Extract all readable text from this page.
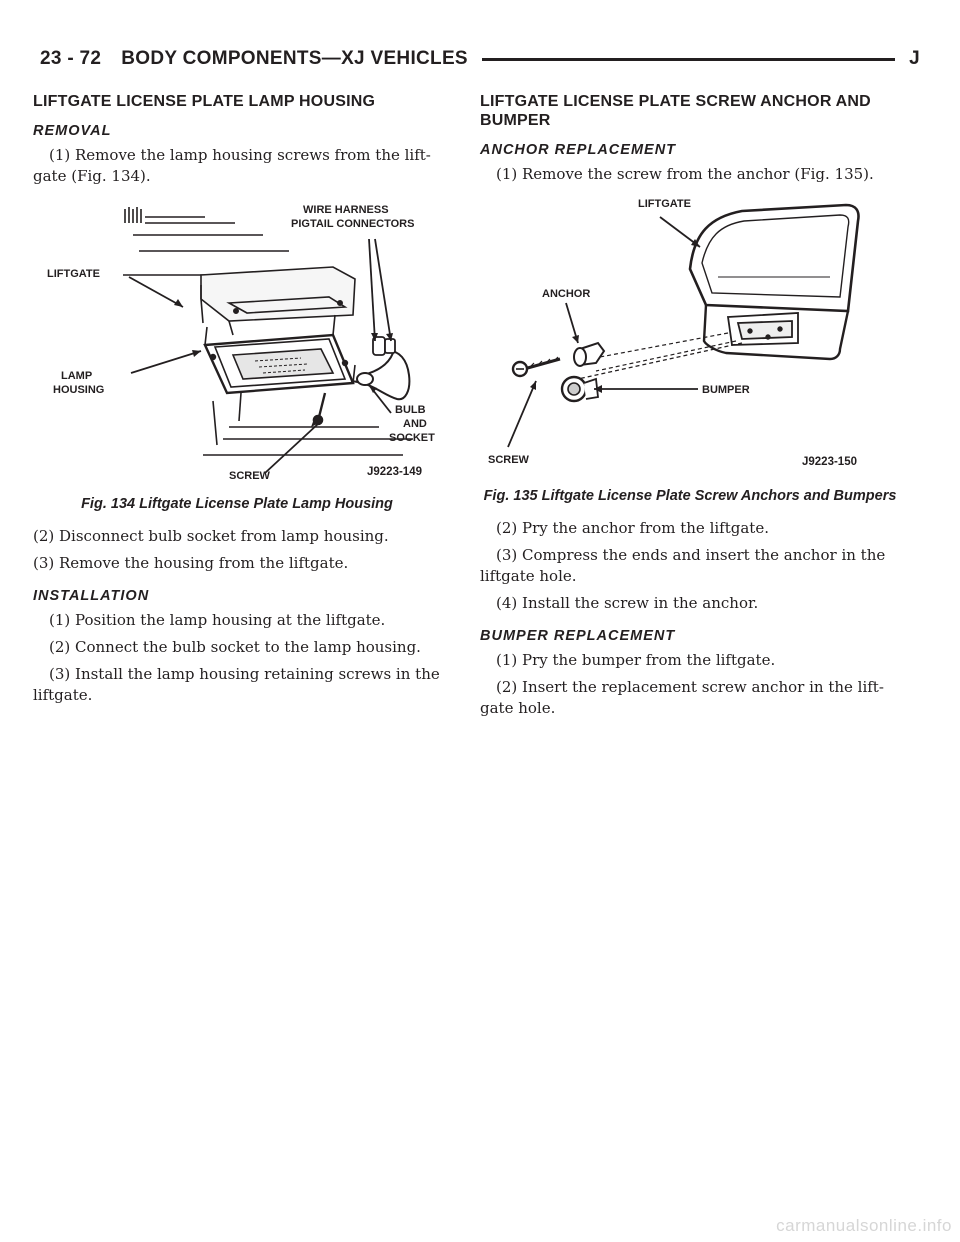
23 - 72 BODY COMPONENTS—XJ VEHICLES	J
LIFTGATE LICENSE PLATE LAMP HOUSING
REMOVAL

(1) Remove the lamp housing screws from the lift-gate (Fig. 134).

WIRE HARNESS
PIGTAIL CONNECTORS
LIFTGATE
LAMP
HOUSING
BULB
AND
SOCKET
SCREW	J9223-149
Fig. 134 Liftgate License Plate Lamp Housing

(2) Disconnect bulb socket from lamp housing.

(3) Remove the housing from the liftgate.

INSTALLATION

(1) Position the lamp housing at the liftgate.

(2) Connect the bulb socket to the lamp housing.

(3) Install the lamp housing retaining screws in the liftgate.

LIFTGATE LICENSE PLATE SCREW ANCHOR AND BUMPER
ANCHOR REPLACEMENT

(1) Remove the screw from the anchor (Fig. 135).

LIFTGATE
ANCHOR
BUMPER
SCREW	J9223-150
Fig. 135 Liftgate License Plate Screw Anchors and Bumpers

(2) Pry the anchor from the liftgate.

(3) Compress the ends and insert the anchor in the liftgate hole.

(4) Install the screw in the anchor.

BUMPER REPLACEMENT

(1) Pry the bumper from the liftgate.

(2) Insert the replacement screw anchor in the lift-gate hole.

carmanualsonline.info
